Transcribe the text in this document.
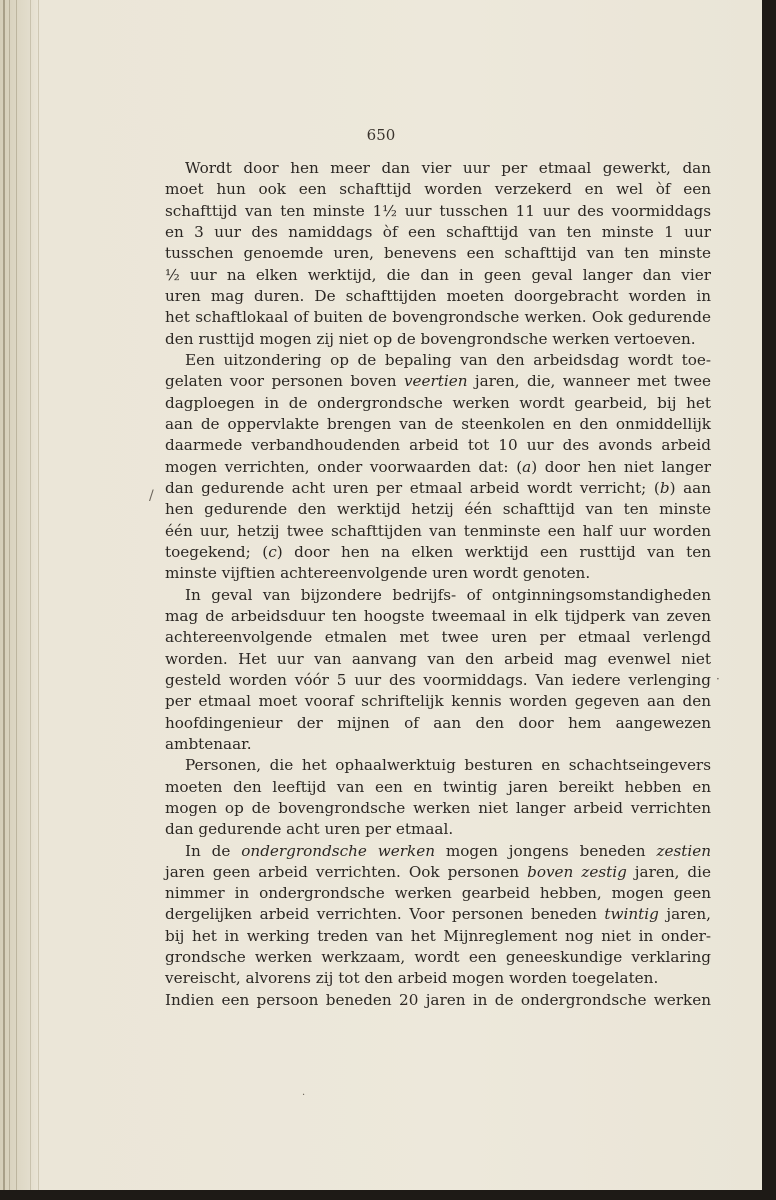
650
/
·
·
Wordt door hen meer dan vier uur per etmaal gewerkt, dan
moet hun ook een schafttijd worden verzekerd en wel òf een
schafttijd van ten minste 1½ uur tusschen 11 uur des voormiddags
en 3 uur des namiddags òf een schafttijd van ten minste 1 uur
tusschen genoemde uren, benevens een schafttijd van ten minste
½ uur na elken werktijd, die dan in geen geval langer dan vier
uren mag duren. De schafttijden moeten doorgebracht worden in
het schaftlokaal of buiten de bovengrondsche werken. Ook gedurende
den rusttijd mogen zij niet op de bovengrondsche werken vertoeven.
Een uitzondering op de bepaling van den arbeidsdag wordt toe-
gelaten voor personen boven veertien jaren, die, wanneer met twee
dagploegen in de ondergrondsche werken wordt gearbeid, bij het
aan de oppervlakte brengen van de steenkolen en den onmiddellijk
daarmede verbandhoudenden arbeid tot 10 uur des avonds arbeid
mogen verrichten, onder voorwaarden dat: (a) door hen niet langer
dan gedurende acht uren per etmaal arbeid wordt verricht; (b) aan
hen gedurende den werktijd hetzij één schafttijd van ten minste
één uur, hetzij twee schafttijden van tenminste een half uur worden
toegekend; (c) door hen na elken werktijd een rusttijd van ten
minste vijftien achtereenvolgende uren wordt genoten.
In geval van bijzondere bedrijfs- of ontginningsomstandigheden
mag de arbeidsduur ten hoogste tweemaal in elk tijdperk van zeven
achtereenvolgende etmalen met twee uren per etmaal verlengd
worden. Het uur van aanvang van den arbeid mag evenwel niet
gesteld worden vóór 5 uur des voormiddags. Van iedere verlenging
per etmaal moet vooraf schriftelijk kennis worden gegeven aan den
hoofdingenieur der mijnen of aan den door hem aangewezen
ambtenaar.
Personen, die het ophaalwerktuig besturen en schachtseingevers
moeten den leeftijd van een en twintig jaren bereikt hebben en
mogen op de bovengrondsche werken niet langer arbeid verrichten
dan gedurende acht uren per etmaal.
In de ondergrondsche werken mogen jongens beneden zestien
jaren geen arbeid verrichten. Ook personen boven zestig jaren, die
nimmer in ondergrondsche werken gearbeid hebben, mogen geen
dergelijken arbeid verrichten. Voor personen beneden twintig jaren,
bij het in werking treden van het Mijnreglement nog niet in onder-
grondsche werken werkzaam, wordt een geneeskundige verklaring
vereischt, alvorens zij tot den arbeid mogen worden toegelaten.
Indien een persoon beneden 20 jaren in de ondergrondsche werken
